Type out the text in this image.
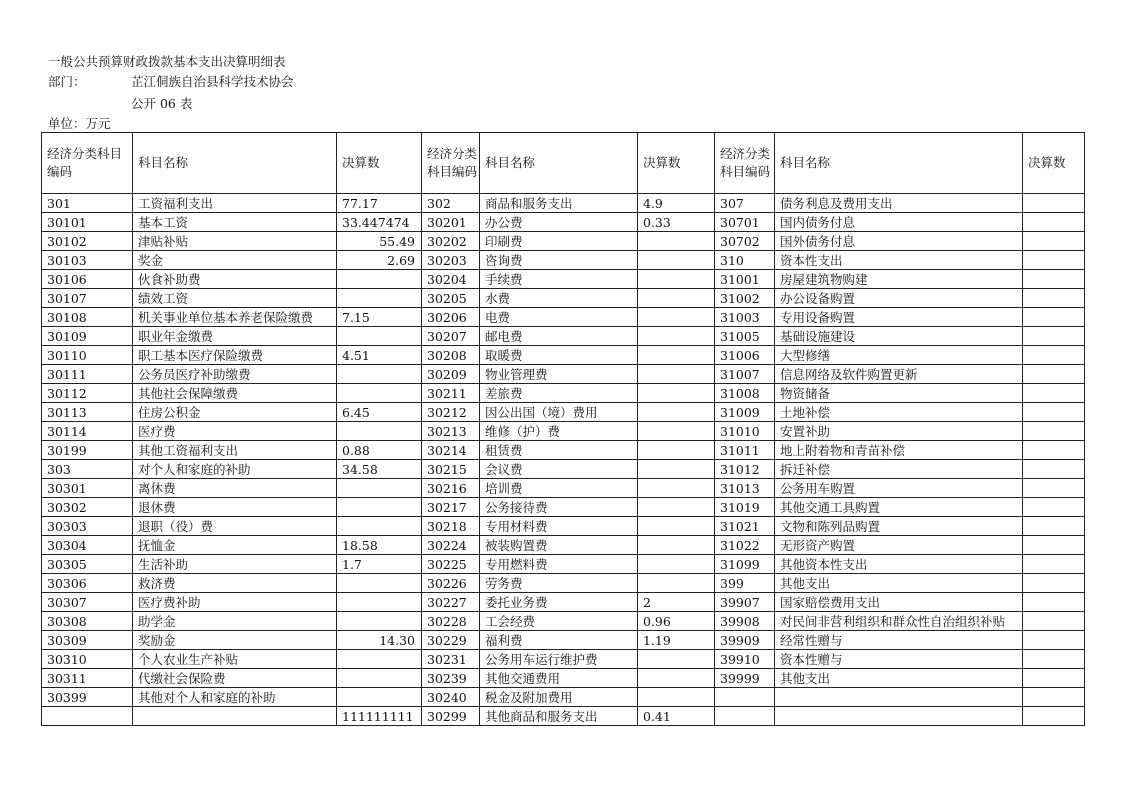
一般公共预算财政拨款基本支出决算明细表
部门：	芷江侗族自治县科学技术协会
公开 06 表
单位：万元
经济分类科目编码	科目名称	决算数	经济分类科目编码	科目名称	决算数	经济分类科目编码	科目名称	决算数
301	工资福利支出	77.17	302	商品和服务支出	4.9	307	债务利息及费用支出	
30101	基本工资	33.447474	30201	办公费	0.33	30701	国内债务付息	
30102	津贴补贴	55.49	30202	印刷费		30702	国外债务付息	
30103	奖金	2.69	30203	咨询费		310	资本性支出	
30106	伙食补助费		30204	手续费		31001	房屋建筑物购建	
30107	绩效工资		30205	水费		31002	办公设备购置	
30108	机关事业单位基本养老保险缴费	7.15	30206	电费		31003	专用设备购置	
30109	职业年金缴费		30207	邮电费		31005	基础设施建设	
30110	职工基本医疗保险缴费	4.51	30208	取暖费		31006	大型修缮	
30111	公务员医疗补助缴费		30209	物业管理费		31007	信息网络及软件购置更新	
30112	其他社会保障缴费		30211	差旅费		31008	物资储备	
30113	住房公积金	6.45	30212	因公出国（境）费用		31009	土地补偿	
30114	医疗费		30213	维修（护）费		31010	安置补助	
30199	其他工资福利支出	0.88	30214	租赁费		31011	地上附着物和青苗补偿	
303	对个人和家庭的补助	34.58	30215	会议费		31012	拆迁补偿	
30301	离休费		30216	培训费		31013	公务用车购置	
30302	退休费		30217	公务接待费		31019	其他交通工具购置	
30303	退职（役）费		30218	专用材料费		31021	文物和陈列品购置	
30304	抚恤金	18.58	30224	被装购置费		31022	无形资产购置	
30305	生活补助	1.7	30225	专用燃料费		31099	其他资本性支出	
30306	救济费		30226	劳务费		399	其他支出	
30307	医疗费补助		30227	委托业务费	2	39907	国家赔偿费用支出	
30308	助学金		30228	工会经费	0.96	39908	对民间非营利组织和群众性自治组织补贴	
30309	奖励金	14.30	30229	福利费	1.19	39909	经常性赠与	
30310	个人农业生产补贴		30231	公务用车运行维护费		39910	资本性赠与	
30311	代缴社会保险费		30239	其他交通费用		39999	其他支出	
30399	其他对个人和家庭的补助		30240	税金及附加费用				
		111111111	30299	其他商品和服务支出	0.41			
